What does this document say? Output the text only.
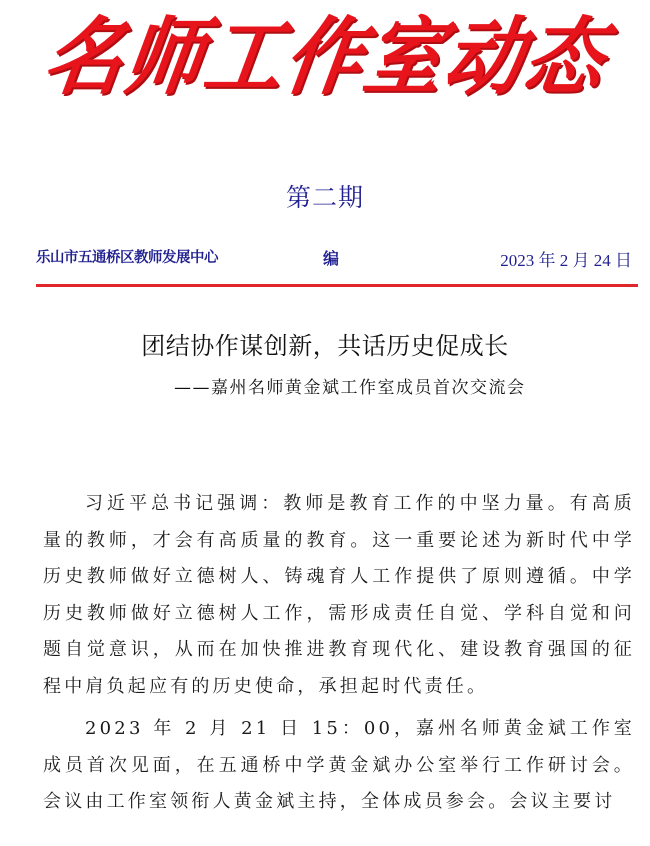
名师工作室动态
第二期
乐山市五通桥区教师发展中心	编	2023 年 2 月 24 日
团结协作谋创新，共话历史促成长
——嘉州名师黄金斌工作室成员首次交流会

习近平总书记强调：教师是教育工作的中坚力量。有高质量的教师，才会有高质量的教育。这一重要论述为新时代中学历史教师做好立德树人、铸魂育人工作提供了原则遵循。中学历史教师做好立德树人工作，需形成责任自觉、学科自觉和问题自觉意识，从而在加快推进教育现代化、建设教育强国的征程中肩负起应有的历史使命，承担起时代责任。

2023 年 2 月 21 日 15：00，嘉州名师黄金斌工作室成员首次见面，在五通桥中学黄金斌办公室举行工作研讨会。会议由工作室领衔人黄金斌主持，全体成员参会。会议主要讨
